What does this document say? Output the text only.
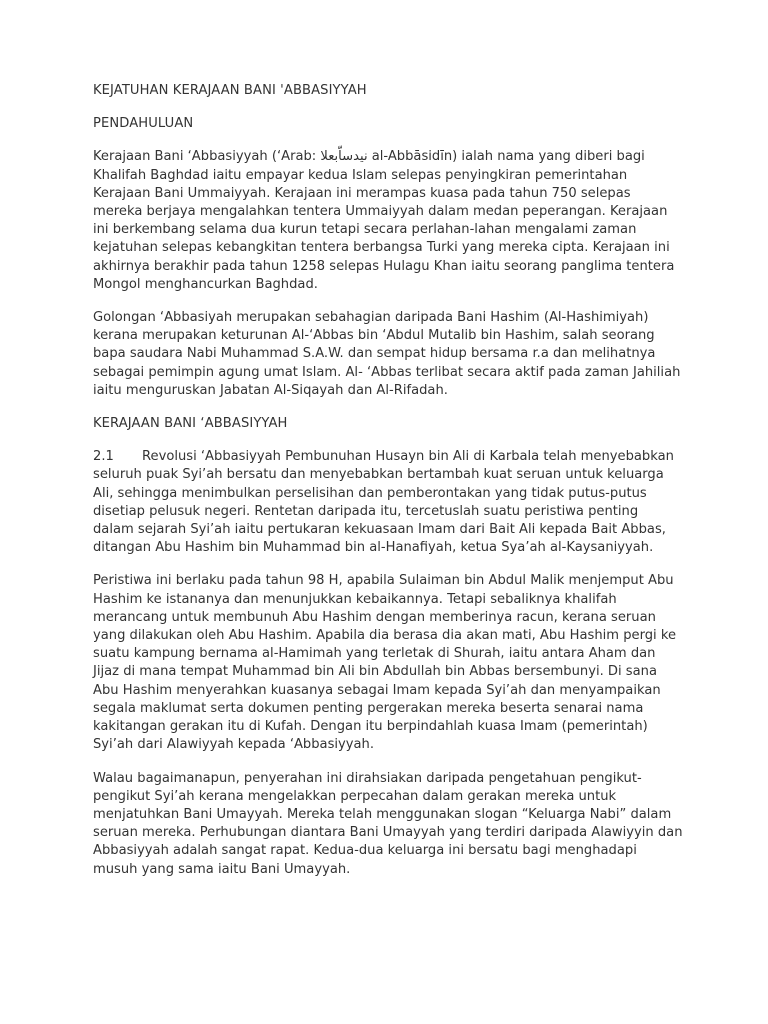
KEJATUHAN KERAJAAN BANI 'ABBASIYYAH

PENDAHULUAN

Kerajaan Bani ‘Abbasiyyah (‘Arab: نيدساّبعلا al-Abbāsidīn) ialah nama yang diberi bagi Khalifah Baghdad iaitu empayar kedua Islam selepas penyingkiran pemerintahan Kerajaan Bani Ummaiyyah. Kerajaan ini merampas kuasa pada tahun 750 selepas mereka berjaya mengalahkan tentera Ummaiyyah dalam medan peperangan. Kerajaan ini berkembang selama dua kurun tetapi secara perlahan-lahan mengalami zaman kejatuhan selepas kebangkitan tentera berbangsa Turki yang mereka cipta. Kerajaan ini akhirnya berakhir pada tahun 1258 selepas Hulagu Khan iaitu seorang panglima tentera Mongol menghancurkan Baghdad.

Golongan ‘Abbasiyah merupakan sebahagian daripada Bani Hashim (Al-Hashimiyah) kerana merupakan keturunan Al-‘Abbas bin ‘Abdul Mutalib bin Hashim, salah seorang bapa saudara Nabi Muhammad S.A.W. dan sempat hidup bersama r.a dan melihatnya sebagai pemimpin agung umat Islam. Al- ‘Abbas terlibat secara aktif pada zaman Jahiliah iaitu menguruskan Jabatan Al-Siqayah dan Al-Rifadah.

KERAJAAN BANI ‘ABBASIYYAH

2.1 Revolusi ‘Abbasiyyah Pembunuhan Husayn bin Ali di Karbala telah menyebabkan seluruh puak Syi’ah bersatu dan menyebabkan bertambah kuat seruan untuk keluarga Ali, sehingga menimbulkan perselisihan dan pemberontakan yang tidak putus-putus disetiap pelusuk negeri. Rentetan daripada itu, tercetuslah suatu peristiwa penting dalam sejarah Syi’ah iaitu pertukaran kekuasaan Imam dari Bait Ali kepada Bait Abbas, ditangan Abu Hashim bin Muhammad bin al-Hanafiyah, ketua Sya’ah al-Kaysaniyyah.

Peristiwa ini berlaku pada tahun 98 H, apabila Sulaiman bin Abdul Malik menjemput Abu Hashim ke istananya dan menunjukkan kebaikannya. Tetapi sebaliknya khalifah merancang untuk membunuh Abu Hashim dengan memberinya racun, kerana seruan yang dilakukan oleh Abu Hashim. Apabila dia berasa dia akan mati, Abu Hashim pergi ke suatu kampung bernama al-Hamimah yang terletak di Shurah, iaitu antara Aham dan Jijaz di mana tempat Muhammad bin Ali bin Abdullah bin Abbas bersembunyi. Di sana Abu Hashim menyerahkan kuasanya sebagai Imam kepada Syi’ah dan menyampaikan segala maklumat serta dokumen penting pergerakan mereka beserta senarai nama kakitangan gerakan itu di Kufah. Dengan itu berpindahlah kuasa Imam (pemerintah) Syi’ah dari Alawiyyah kepada ‘Abbasiyyah.

Walau bagaimanapun, penyerahan ini dirahsiakan daripada pengetahuan pengikut-pengikut Syi’ah kerana mengelakkan perpecahan dalam gerakan mereka untuk menjatuhkan Bani Umayyah. Mereka telah menggunakan slogan “Keluarga Nabi” dalam seruan mereka. Perhubungan diantara Bani Umayyah yang terdiri daripada Alawiyyin dan Abbasiyyah adalah sangat rapat. Kedua-dua keluarga ini bersatu bagi menghadapi musuh yang sama iaitu Bani Umayyah.
